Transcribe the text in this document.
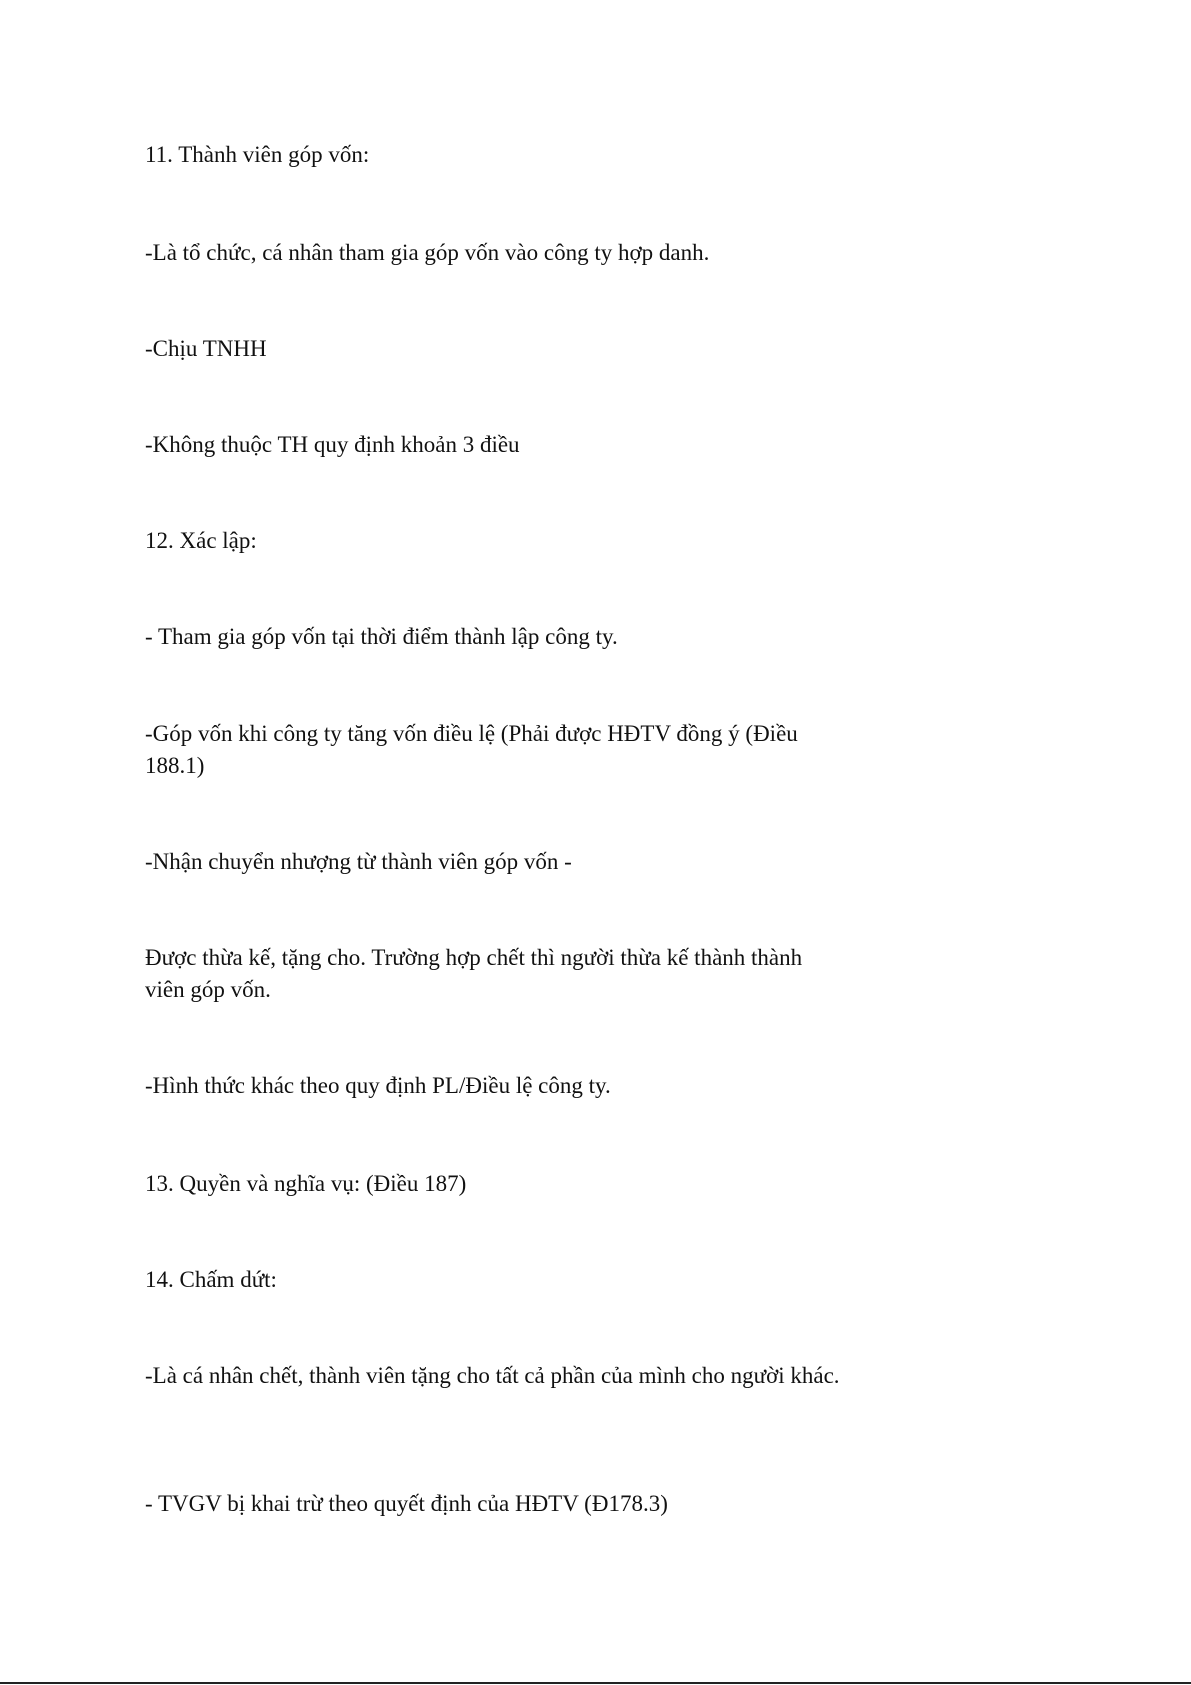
11. Thành viên góp vốn:

-Là tổ chức, cá nhân tham gia góp vốn vào công ty hợp danh.

-Chịu TNHH

-Không thuộc TH quy định khoản 3 điều

12. Xác lập:

- Tham gia góp vốn tại thời điểm thành lập công ty.

-Góp vốn khi công ty tăng vốn điều lệ (Phải được HĐTV đồng ý (Điều 188.1)

-Nhận chuyển nhượng từ thành viên góp vốn -

Được thừa kế, tặng cho. Trường hợp chết thì người thừa kế thành thành viên góp vốn.

-Hình thức khác theo quy định PL/Điều lệ công ty.

13. Quyền và nghĩa vụ: (Điều 187)

14. Chấm dứt:

-Là cá nhân chết, thành viên tặng cho tất cả phần của mình cho người khác.

- TVGV bị khai trừ theo quyết định của HĐTV (Đ178.3)
